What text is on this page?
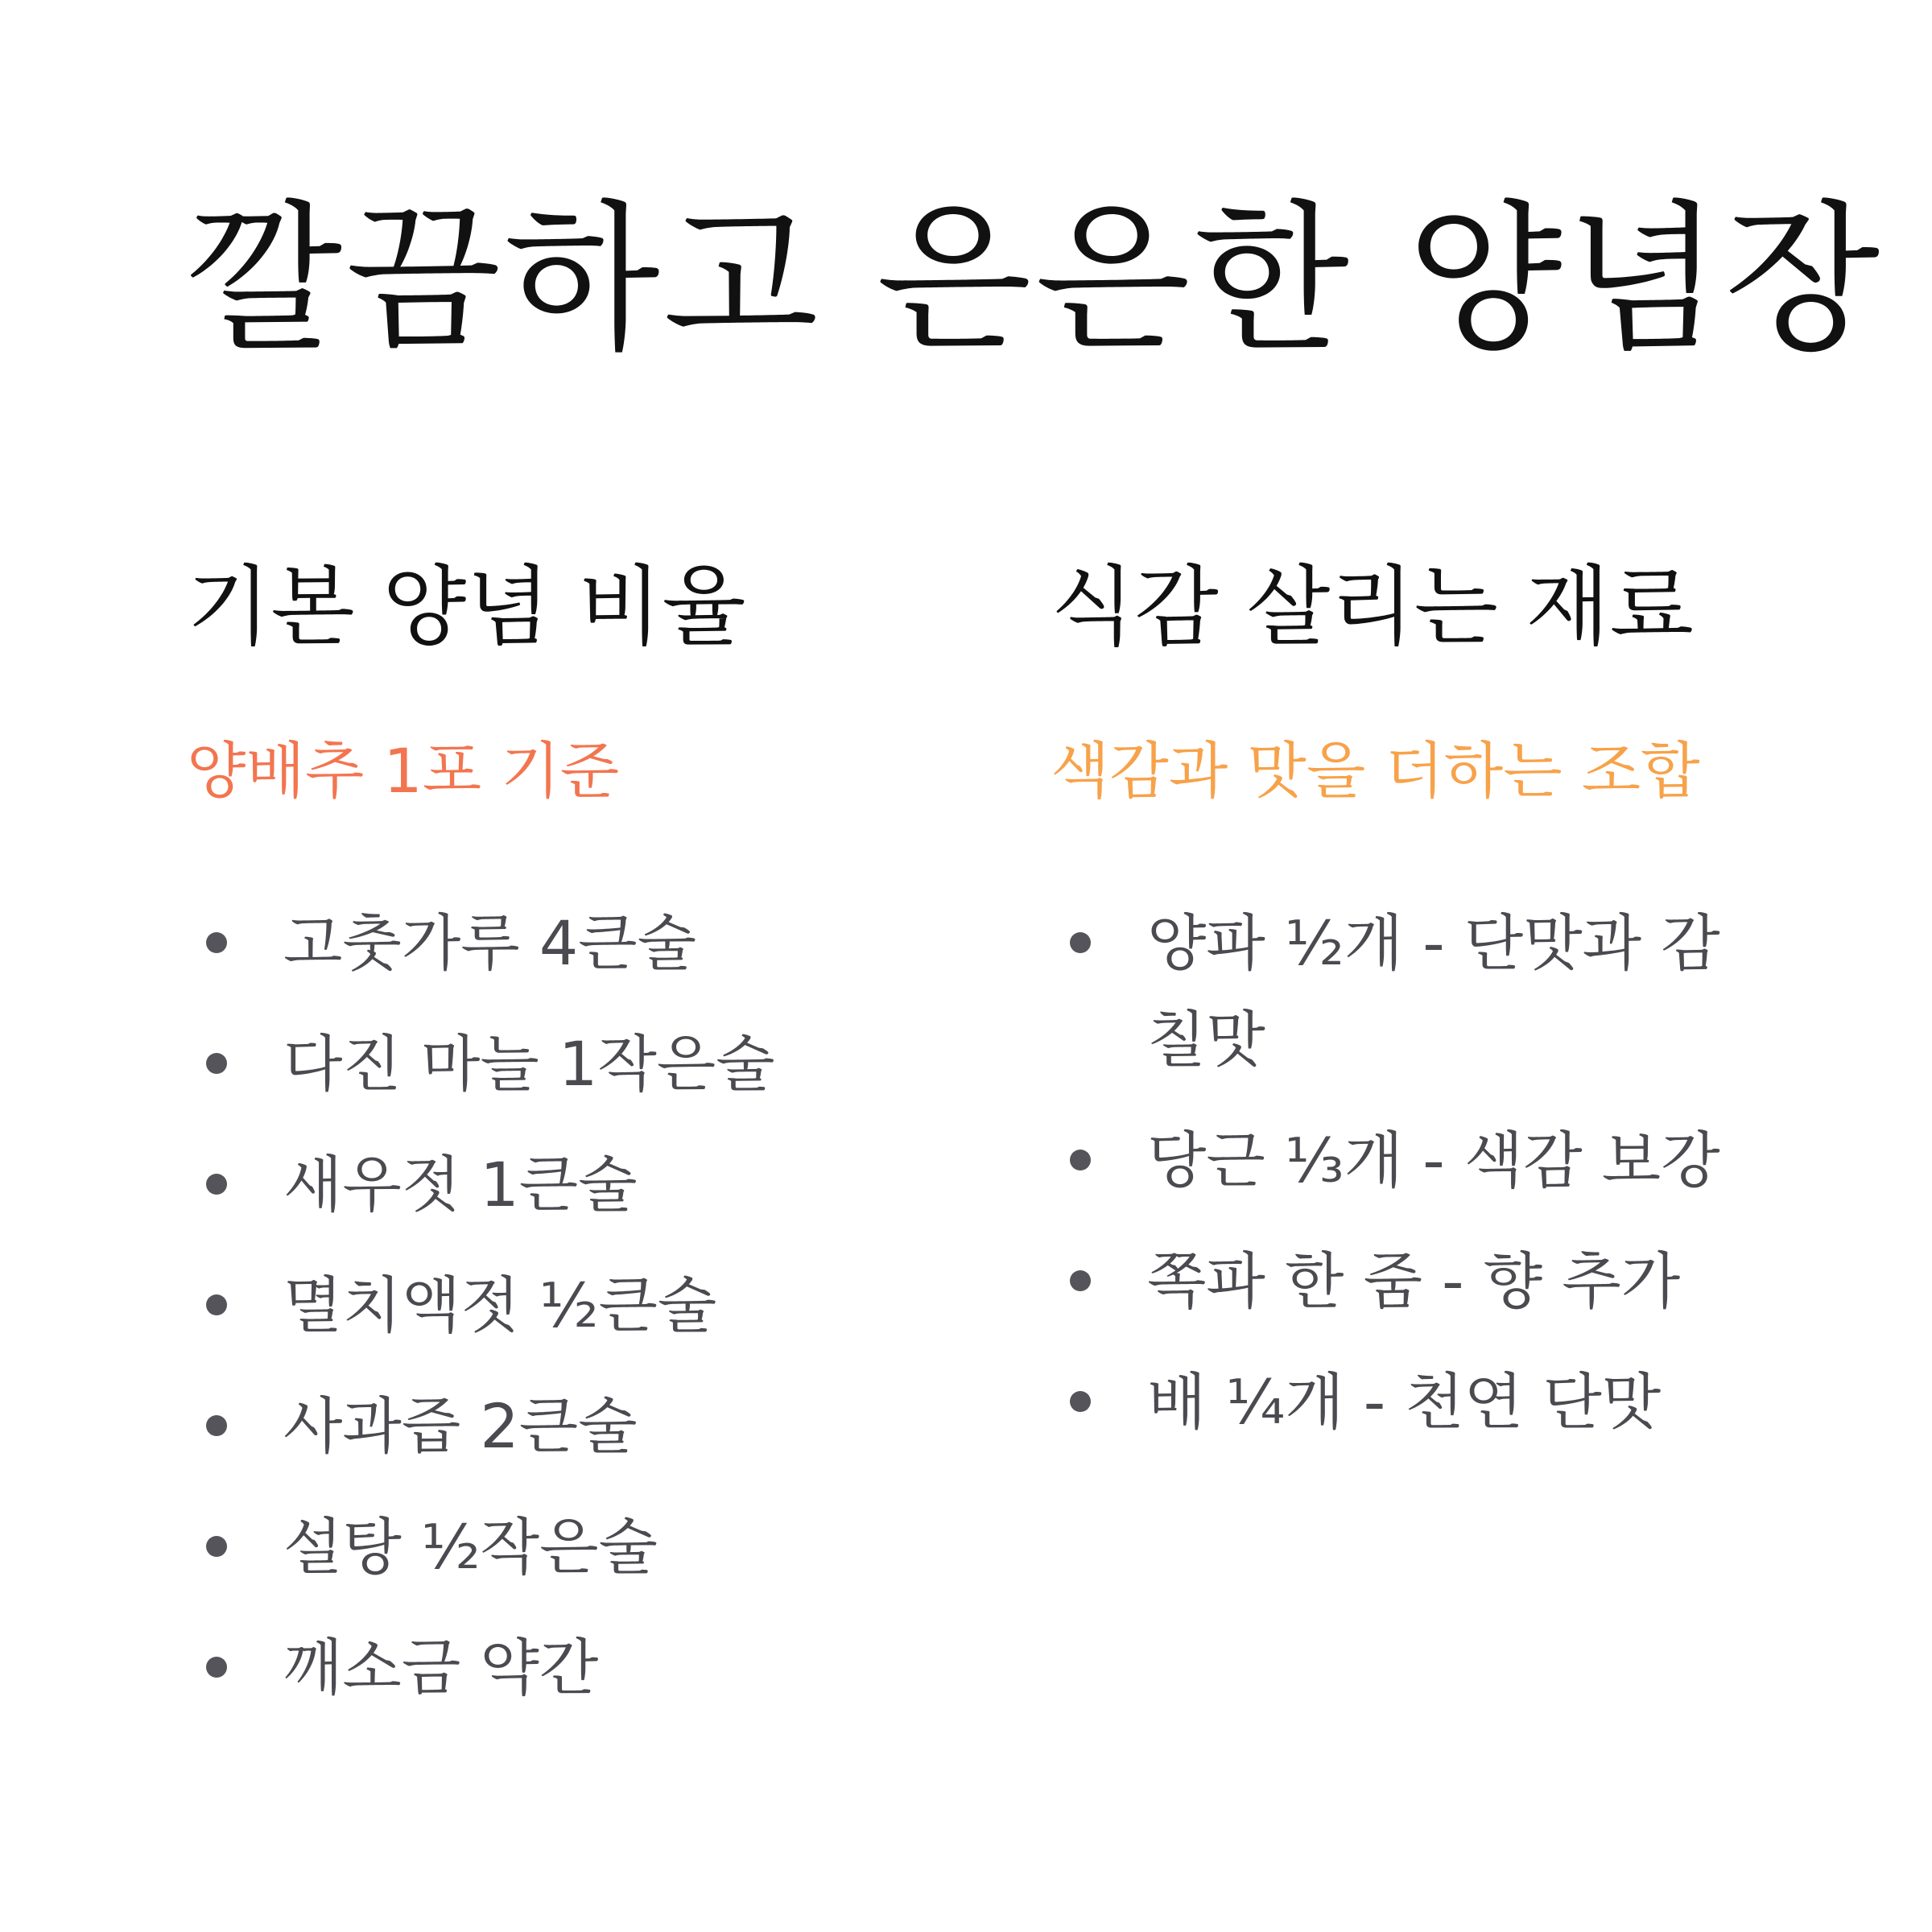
깔끔하고 은은한 양념장
기본 양념 비율

양배추 1포 기준

고춧가루 4큰술
다진 마늘 1작은술
새우젓 1큰술
멸치액젓 ½큰술
사과즙 2큰술
설탕 ½작은술
깨소금 약간
식감 살리는 재료

색감과 맛을 더하는 조합

양파 ½개 - 단맛과 감칠맛
당근 ⅓개 - 색감 보강
쪽파 한 줌 - 향 추가
배 ¼개 - 천연 단맛
